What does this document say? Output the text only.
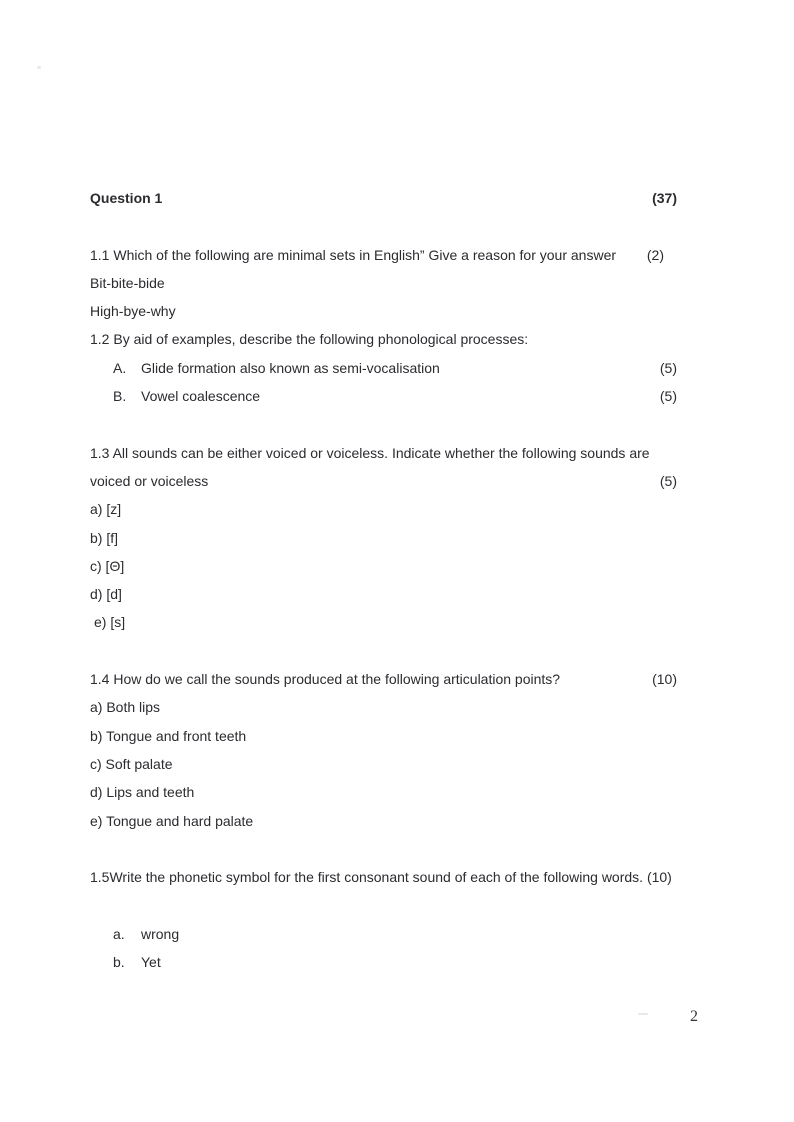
Question 1	(37)
1.1 Which of the following are minimal sets in English” Give a reason for your answer	(2)
Bit-bite-bide
High-bye-why
1.2 By aid of examples, describe the following phonological processes:
A.	Glide formation also known as semi-vocalisation	(5)
B.	Vowel coalescence	(5)
1.3 All sounds can be either voiced or voiceless. Indicate whether the following sounds are
voiced or voiceless	(5)
a) [z]
b) [f]
c) [Θ]
d) [d]
e) [s]
1.4 How do we call the sounds produced at the following articulation points?	(10)
a) Both lips
b) Tongue and front teeth
c) Soft palate
d) Lips and teeth
e) Tongue and hard palate
1.5Write the phonetic symbol for the first consonant sound of each of the following words. (10)
a.	wrong
b.	Yet
2
